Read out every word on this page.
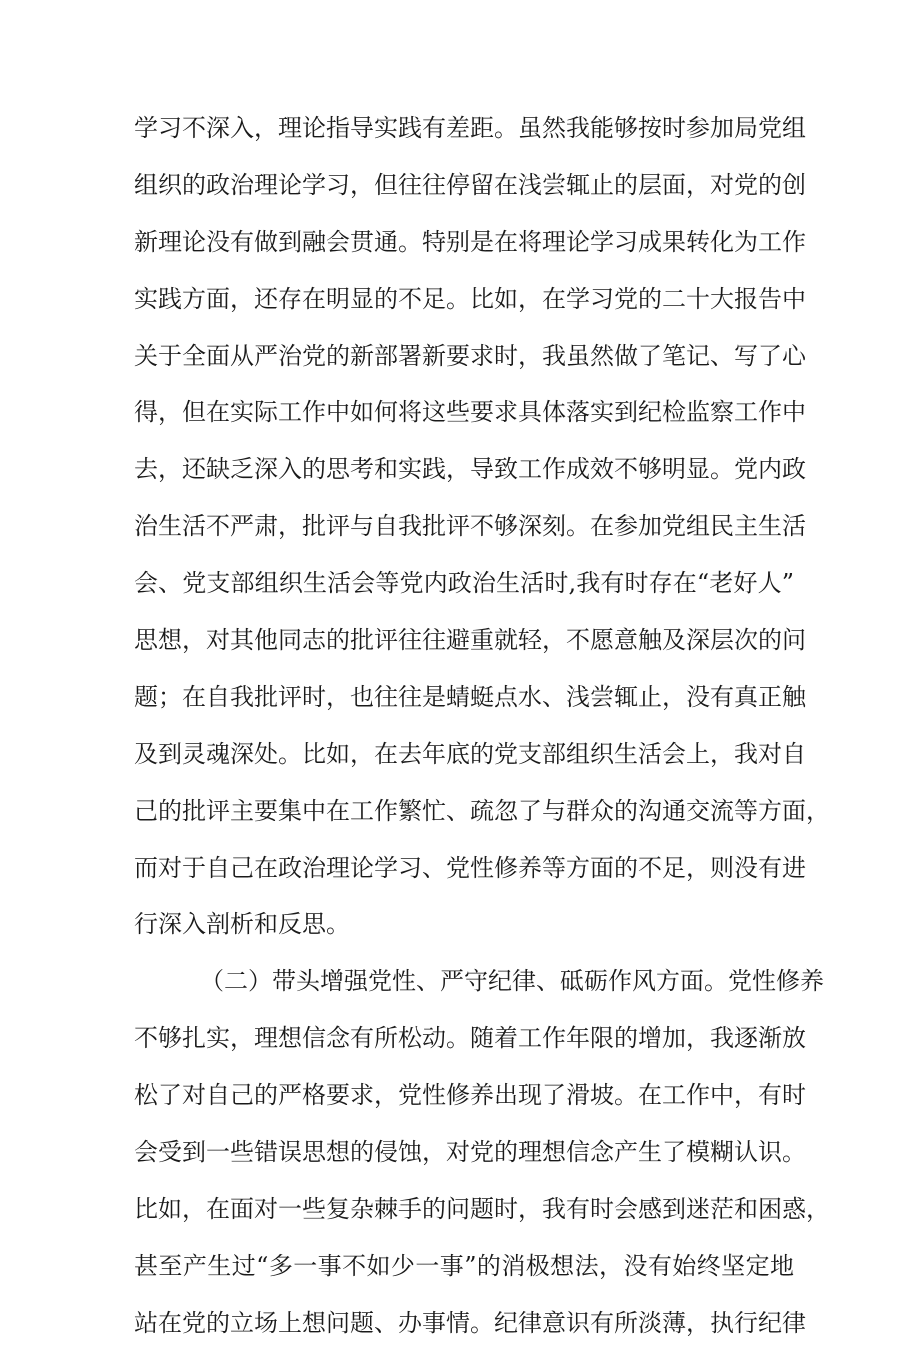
学习不深入，理论指导实践有差距。虽然我能够按时参加局党组
组织的政治理论学习，但往往停留在浅尝辄止的层面，对党的创
新理论没有做到融会贯通。特别是在将理论学习成果转化为工作
实践方面，还存在明显的不足。比如，在学习党的二十大报告中
关于全面从严治党的新部署新要求时，我虽然做了笔记、写了心
得，但在实际工作中如何将这些要求具体落实到纪检监察工作中
去，还缺乏深入的思考和实践，导致工作成效不够明显。党内政
治生活不严肃，批评与自我批评不够深刻。在参加党组民主生活
会、党支部组织生活会等党内政治生活时,我有时存在“老好人”
思想，对其他同志的批评往往避重就轻，不愿意触及深层次的问
题；在自我批评时，也往往是蜻蜓点水、浅尝辄止，没有真正触
及到灵魂深处。比如，在去年底的党支部组织生活会上，我对自
己的批评主要集中在工作繁忙、疏忽了与群众的沟通交流等方面，
而对于自己在政治理论学习、党性修养等方面的不足，则没有进
行深入剖析和反思。
（二）带头增强党性、严守纪律、砥砺作风方面。党性修养
不够扎实，理想信念有所松动。随着工作年限的增加，我逐渐放
松了对自己的严格要求，党性修养出现了滑坡。在工作中，有时
会受到一些错误思想的侵蚀，对党的理想信念产生了模糊认识。
比如，在面对一些复杂棘手的问题时，我有时会感到迷茫和困惑，
甚至产生过“多一事不如少一事”的消极想法，没有始终坚定地
站在党的立场上想问题、办事情。纪律意识有所淡薄，执行纪律
